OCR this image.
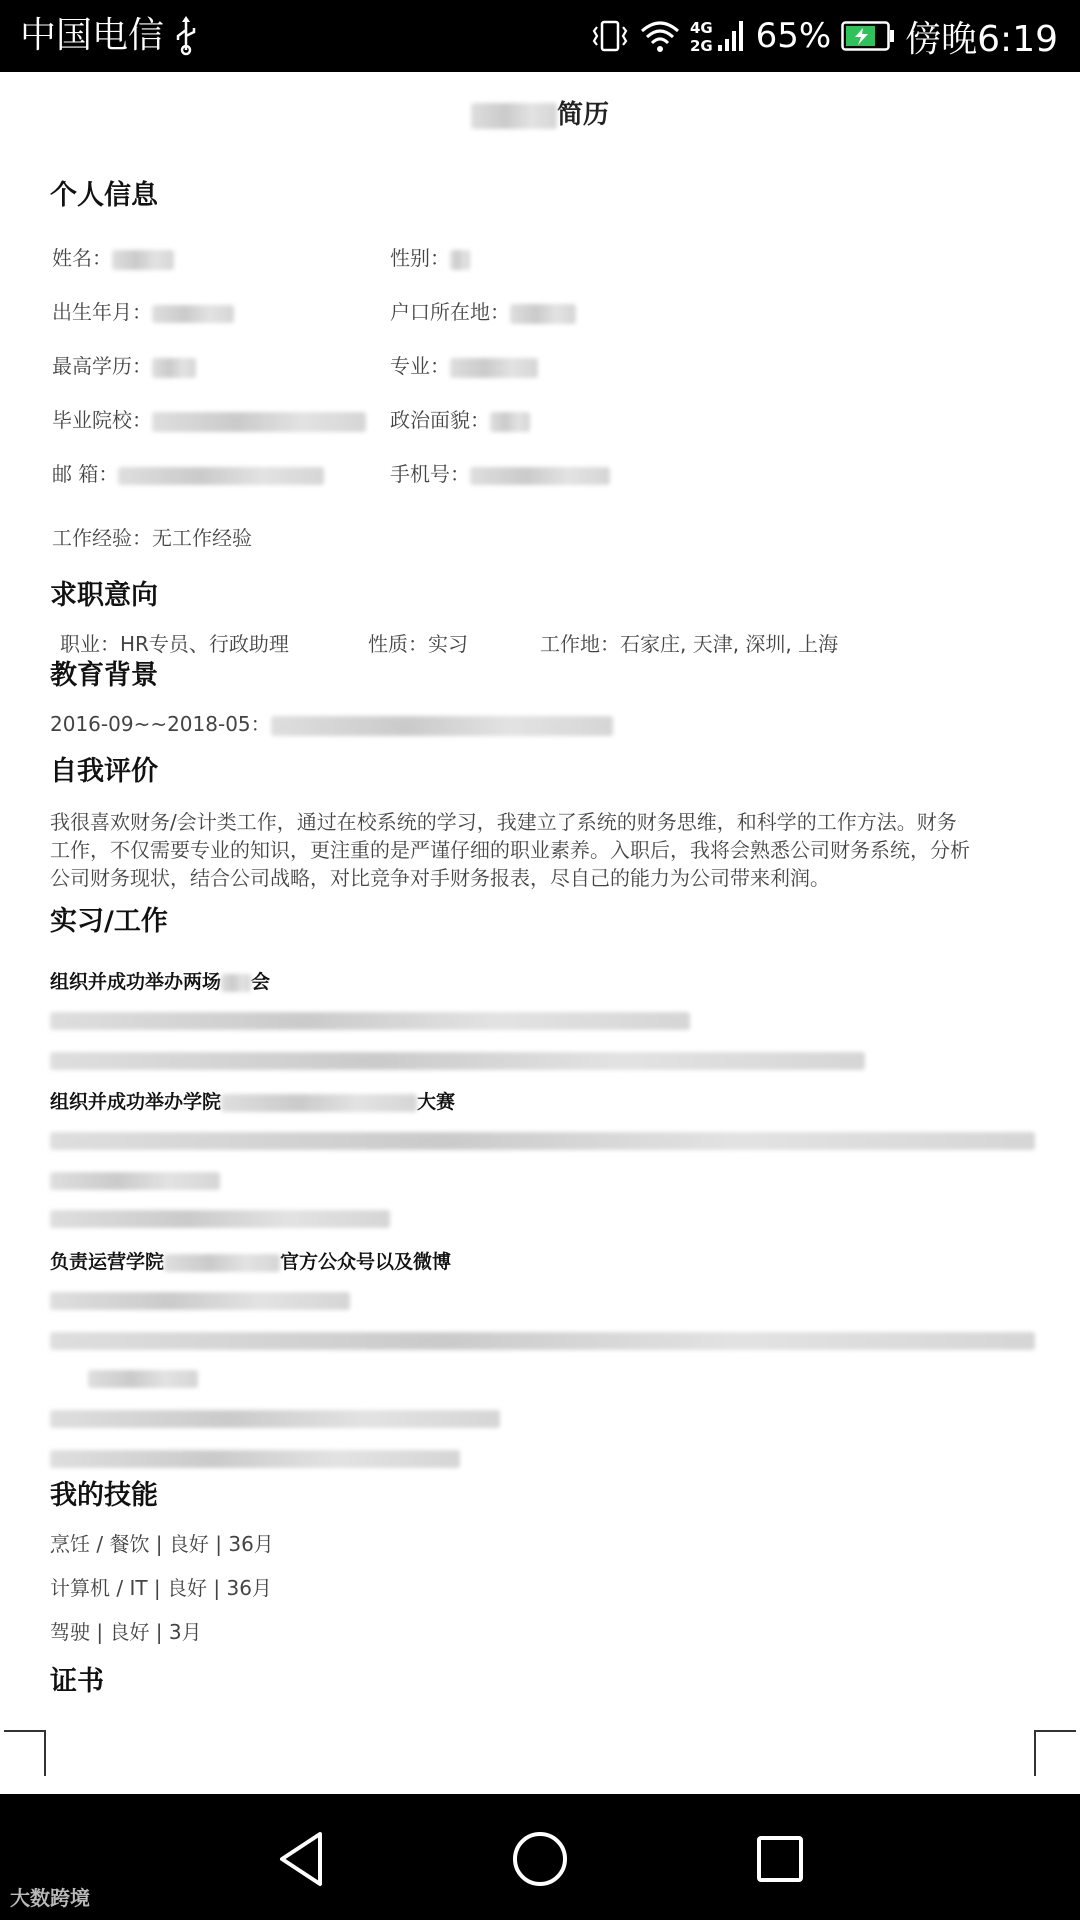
中国电信	4G
2G 65% 傍晚6:19
简历
个人信息
姓名：	性别：
出生年月：	户口所在地：
最高学历：	专业：
毕业院校：	政治面貌：
邮 箱：	手机号：
工作经验：无工作经验
求职意向
职业：HR专员、行政助理	性质：实习	工作地：石家庄, 天津, 深圳, 上海
教育背景
2016-09~~2018-05：
自我评价
我很喜欢财务/会计类工作，通过在校系统的学习，我建立了系统的财务思维，和科学的工作方法。财务
工作，不仅需要专业的知识，更注重的是严谨仔细的职业素养。入职后，我将会熟悉公司财务系统，分析
公司财务现状，结合公司战略，对比竞争对手财务报表，尽自己的能力为公司带来利润。
实习/工作
组织并成功举办两场 会
组织并成功举办学院	大赛
负责运营学院	官方公众号以及微博
我的技能
烹饪 / 餐饮 | 良好 | 36月
计算机 / IT | 良好 | 36月
驾驶 | 良好 | 3月
证书
大数跨境
